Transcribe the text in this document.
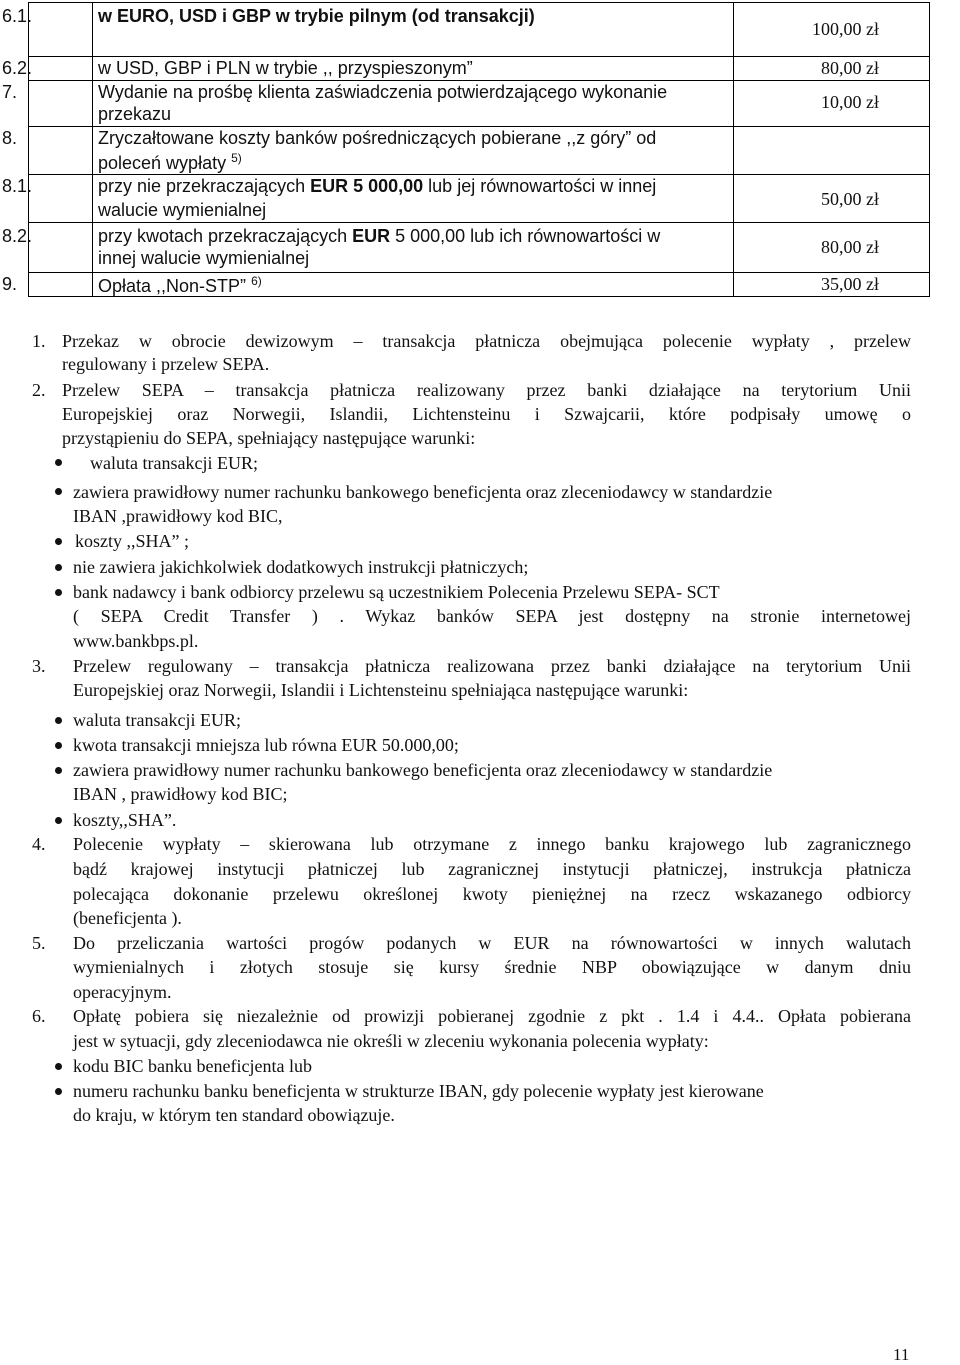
6.1.	w EURO, USD i GBP w trybie pilnym (od transakcji)	100,00 zł

6.2.	w USD, GBP i PLN w trybie ,, przyspieszonym”	80,00 zł

7.	Wydanie na prośbę klienta zaświadczenia potwierdzającego wykonanie
przekazu	10,00 zł

8.	Zryczałtowane koszty banków pośredniczących pobierane ,,z góry” od
poleceń wypłaty $^{5)}$

8.1.	przy nie przekraczających EUR 5 000,00 lub jej równowartości w innej
walucie wymienialnej	50,00 zł

8.2.	przy kwotach przekraczających EUR 5 000,00 lub ich równowartości w
innej walucie wymienialnej	80,00 zł

9.	Opłata ,,Non-STP” $^{6)}$	35,00 zł
1. Przekaz w obrocie dewizowym – transakcja płatnicza obejmująca polecenie wypłaty , przelew
regulowany i przelew SEPA.
2. Przelew SEPA – transakcja płatnicza realizowany przez banki działające na terytorium Unii
Europejskiej oraz Norwegii, Islandii, Lichtensteinu i Szwajcarii, które podpisały umowę o
przystąpieniu do SEPA, spełniający następujące warunki:
waluta transakcji EUR;
zawiera prawidłowy numer rachunku bankowego beneficjenta oraz zleceniodawcy w standardzie
IBAN ,prawidłowy kod BIC,
koszty ,,SHA” ;
nie zawiera jakichkolwiek dodatkowych instrukcji płatniczych;
bank nadawcy i bank odbiorcy przelewu są uczestnikiem Polecenia Przelewu SEPA- SCT
( SEPA Credit Transfer ) . Wykaz banków SEPA jest dostępny na stronie internetowej
www.bankbps.pl.
3. Przelew regulowany – transakcja płatnicza realizowana przez banki działające na terytorium Unii
Europejskiej oraz Norwegii, Islandii i Lichtensteinu spełniająca następujące warunki:
waluta transakcji EUR;
kwota transakcji mniejsza lub równa EUR 50.000,00;
zawiera prawidłowy numer rachunku bankowego beneficjenta oraz zleceniodawcy w standardzie
IBAN , prawidłowy kod BIC;
koszty,,SHA”.
4. Polecenie wypłaty – skierowana lub otrzymane z innego banku krajowego lub zagranicznego
bądź krajowej instytucji płatniczej lub zagranicznej instytucji płatniczej, instrukcja płatnicza
polecająca dokonanie przelewu określonej kwoty pieniężnej na rzecz wskazanego odbiorcy
(beneficjenta ).
5. Do przeliczania wartości progów podanych w EUR na równowartości w innych walutach
wymienialnych i złotych stosuje się kursy średnie NBP obowiązujące w danym dniu
operacyjnym.
6. Opłatę pobiera się niezależnie od prowizji pobieranej zgodnie z pkt . 1.4 i 4.4.. Opłata pobierana
jest w sytuacji, gdy zleceniodawca nie określi w zleceniu wykonania polecenia wypłaty:
kodu BIC banku beneficjenta lub
numeru rachunku banku beneficjenta w strukturze IBAN, gdy polecenie wypłaty jest kierowane
do kraju, w którym ten standard obowiązuje.
11
